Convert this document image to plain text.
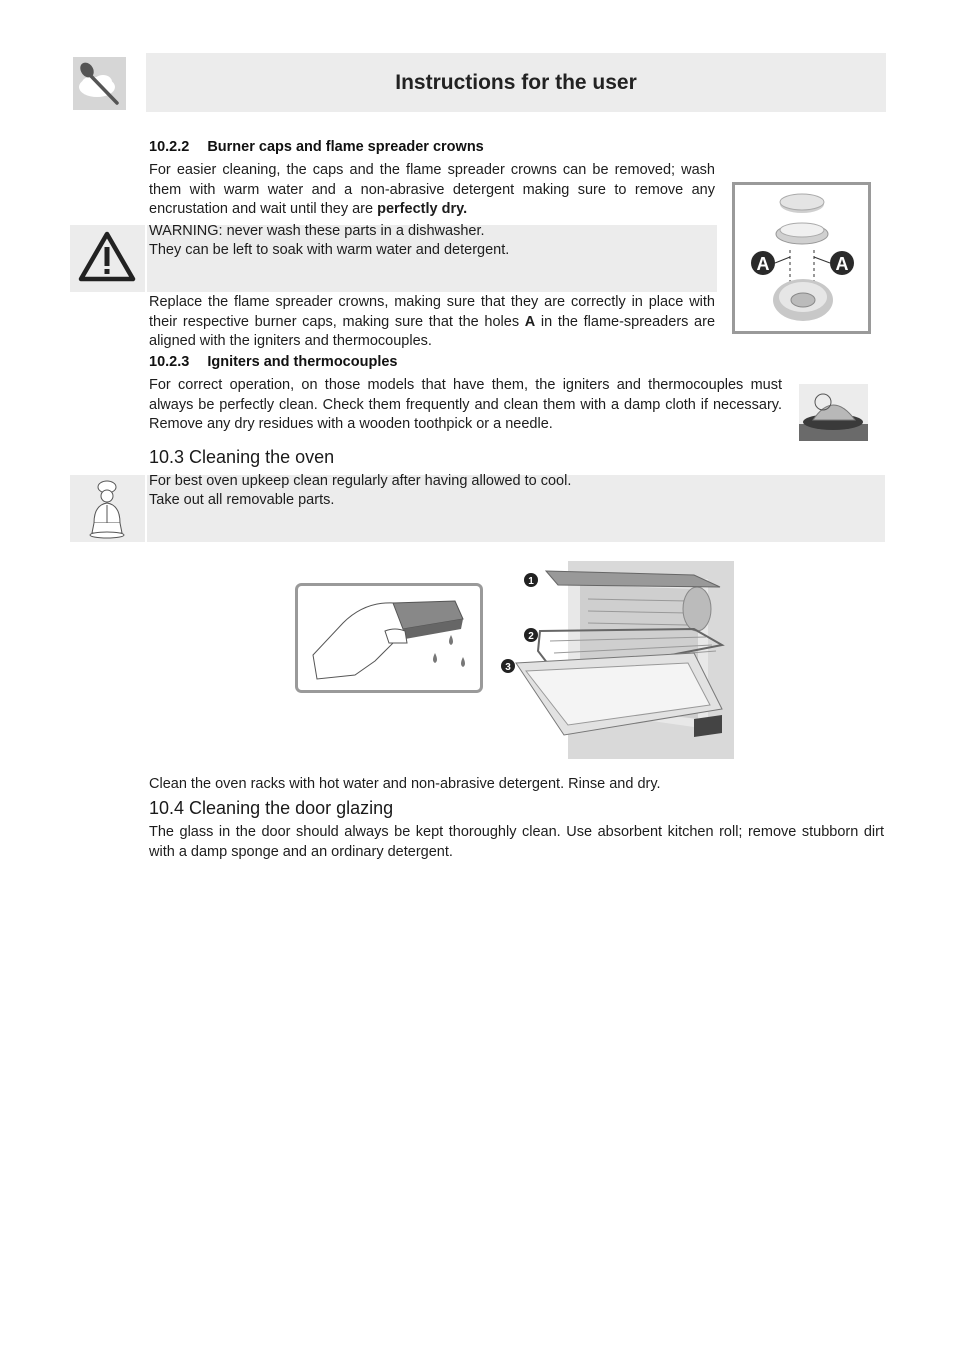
Instructions for the user
10.2.2 Burner caps and flame spreader crowns
For easier cleaning, the caps and the flame spreader crowns can be removed; wash them with warm water and a non-abrasive detergent making sure to remove any encrustation and wait until they are perfectly dry.
WARNING: never wash these parts in a dishwasher.
They can be left to soak with warm water and detergent.
Replace the flame spreader crowns, making sure that they are correctly in place with their respective burner caps, making sure that the holes A in the flame-spreaders are aligned with the igniters and thermocouples.
A	A
10.2.3 Igniters and thermocouples
For correct operation, on those models that have them, the igniters and thermocouples must always be perfectly clean. Check them frequently and clean them with a damp cloth if necessary. Remove any dry residues with a wooden toothpick or a needle.
10.3 Cleaning the oven
For best oven upkeep clean regularly after having allowed to cool.
Take out all removable parts.
1
2
3
Clean the oven racks with hot water and non-abrasive detergent. Rinse and dry.
10.4 Cleaning the door glazing
The glass in the door should always be kept thoroughly clean. Use absorbent kitchen roll; remove stubborn dirt with a damp sponge and an ordinary detergent.
